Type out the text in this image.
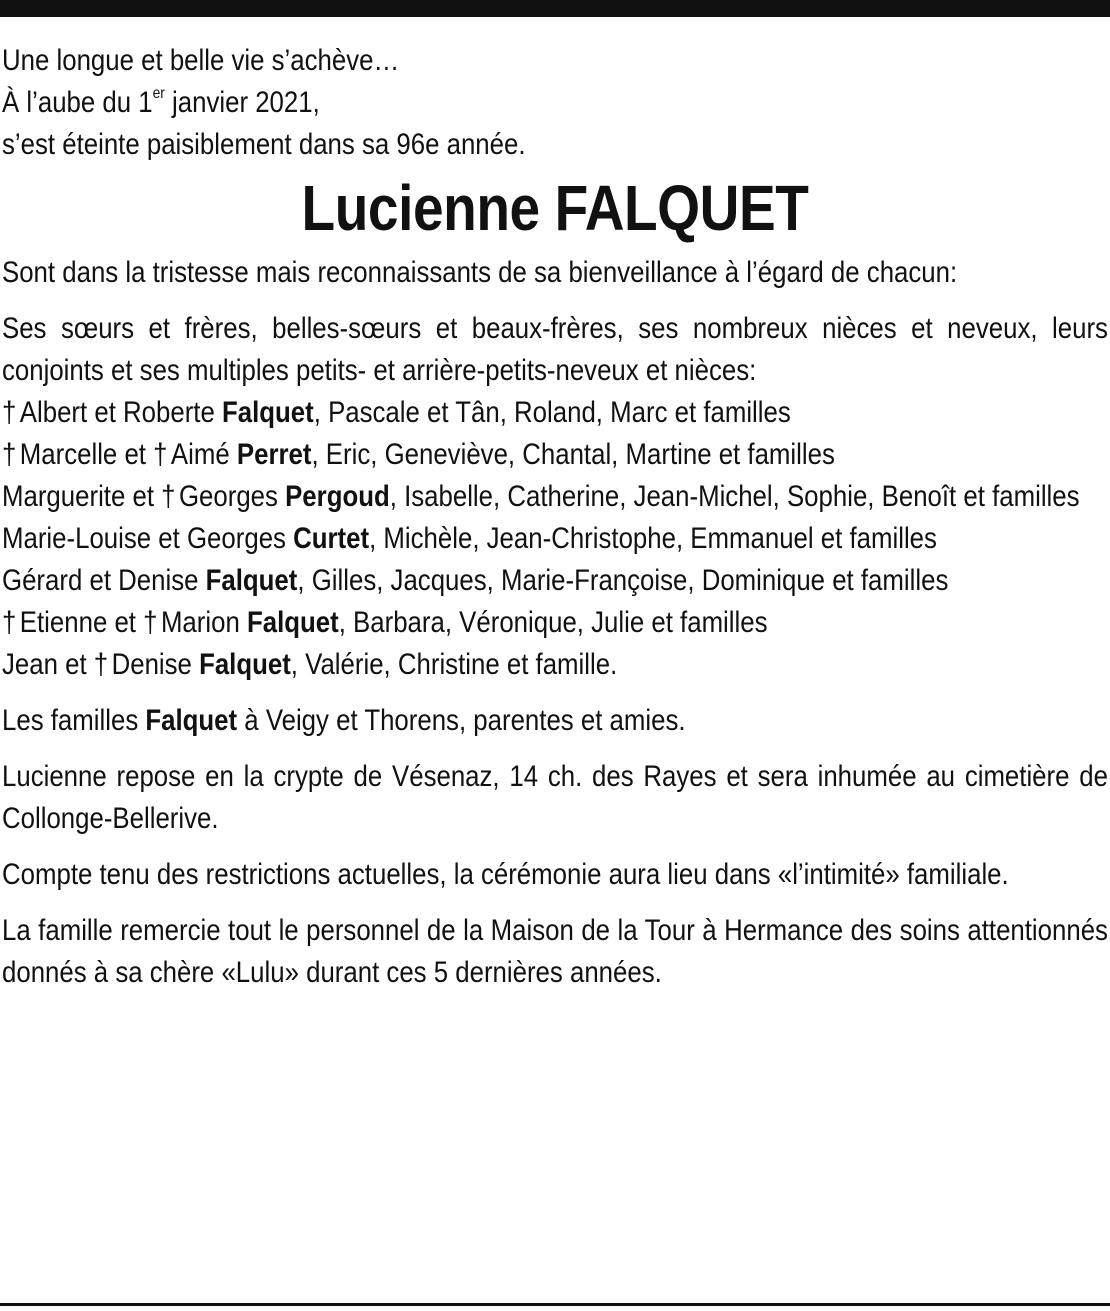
Une longue et belle vie s’achève…

À l’aube du 1er janvier 2021,

s’est éteinte paisiblement dans sa 96e année.

Lucienne FALQUET

Sont dans la tristesse mais reconnaissants de sa bienveillance à l’égard de chacun:

Ses sœurs et frères, belles-sœurs et beaux-frères, ses nombreux nièces et neveux, leurs conjoints et ses multiples petits- et arrière-petits-neveux et nièces:

† Albert et Roberte Falquet, Pascale et Tân, Roland, Marc et familles

† Marcelle et † Aimé Perret, Eric, Geneviève, Chantal, Martine et familles

Marguerite et † Georges Pergoud, Isabelle, Catherine, Jean-Michel, Sophie, Benoît et familles

Marie-Louise et Georges Curtet, Michèle, Jean-Christophe, Emmanuel et familles

Gérard et Denise Falquet, Gilles, Jacques, Marie-Françoise, Dominique et familles

† Etienne et † Marion Falquet, Barbara, Véronique, Julie et familles

Jean et † Denise Falquet, Valérie, Christine et famille.

Les familles Falquet à Veigy et Thorens, parentes et amies.

Lucienne repose en la crypte de Vésenaz, 14 ch. des Rayes et sera inhumée au cimetière de Collonge-Bellerive.

Compte tenu des restrictions actuelles, la cérémonie aura lieu dans «l’intimité» familiale.

La famille remercie tout le personnel de la Maison de la Tour à Hermance des soins attentionnés donnés à sa chère «Lulu» durant ces 5 dernières années.
